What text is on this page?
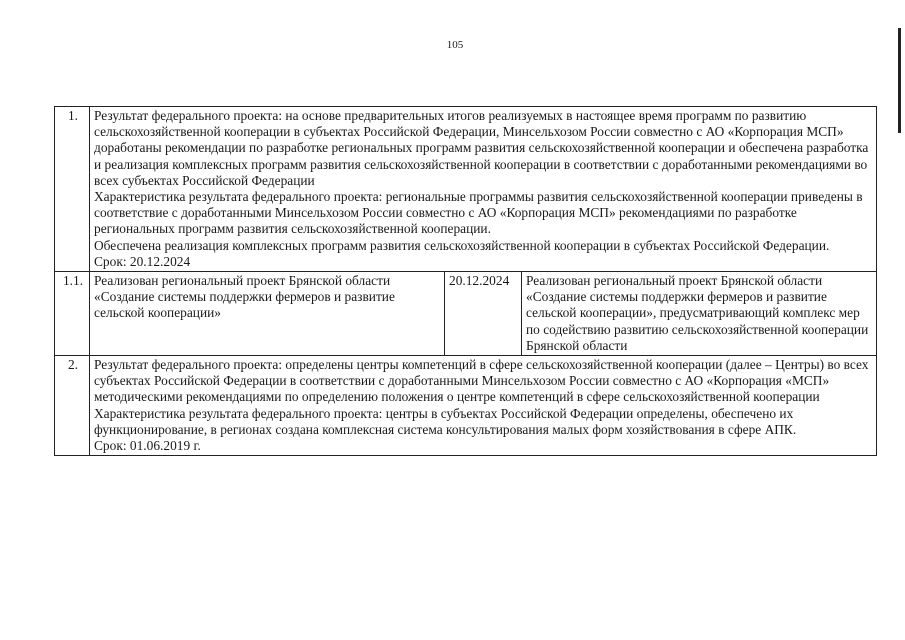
105
1.	Результат федерального проекта: на основе предварительных итогов реализуемых в настоящее время программ по развитию сельскохозяйственной кооперации в субъектах Российской Федерации, Минсельхозом России совместно с АО «Корпорация МСП» доработаны рекомендации по разработке региональных программ развития сельскохозяйственной кооперации и обеспечена разработка и реализация комплексных программ развития сельскохозяйственной кооперации в соответствии с доработанными рекомендациями во всех субъектах Российской Федерации
Характеристика результата федерального проекта: региональные программы развития сельскохозяйственной кооперации приведены в соответствие с доработанными Минсельхозом России совместно с АО «Корпорация МСП» рекомендациями по разработке региональных программ развития сельскохозяйственной кооперации.
Обеспечена реализация комплексных программ развития сельскохозяйственной кооперации в субъектах Российской Федерации.
Срок: 20.12.2024		

1.1.	Реализован региональный проект Брянской области «Создание системы поддержки фермеров и развитие сельской кооперации»	20.12.2024	Реализован региональный проект Брянской области «Создание системы поддержки фермеров и развитие сельской кооперации», предусматривающий комплекс мер по содействию развитию сельскохозяйственной кооперации Брянской области
2.	Результат федерального проекта: определены центры компетенций в сфере сельскохозяйственной кооперации (далее – Центры) во всех субъектах Российской Федерации в соответствии с доработанными Минсельхозом России совместно с АО «Корпорация «МСП» методическими рекомендациями по определению положения о центре компетенций в сфере сельскохозяйственной кооперации
Характеристика результата федерального проекта: центры в субъектах Российской Федерации определены, обеспечено их функционирование, в регионах создана комплексная система консультирования малых форм хозяйствования в сфере АПК.
Срок: 01.06.2019 г.		
